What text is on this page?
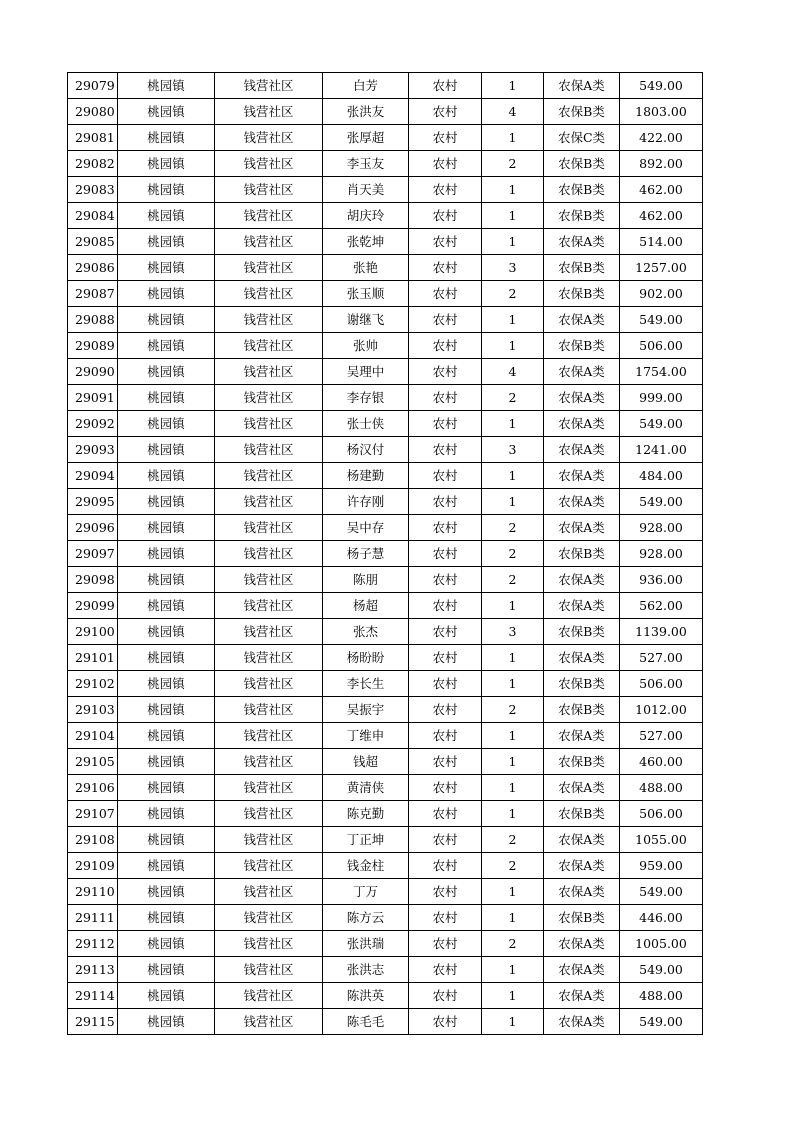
29079	桃园镇	钱营社区	白芳	农村	1	农保A类	549.00
29080	桃园镇	钱营社区	张洪友	农村	4	农保B类	1803.00
29081	桃园镇	钱营社区	张厚超	农村	1	农保C类	422.00
29082	桃园镇	钱营社区	李玉友	农村	2	农保B类	892.00
29083	桃园镇	钱营社区	肖天美	农村	1	农保B类	462.00
29084	桃园镇	钱营社区	胡庆玲	农村	1	农保B类	462.00
29085	桃园镇	钱营社区	张乾坤	农村	1	农保A类	514.00
29086	桃园镇	钱营社区	张艳	农村	3	农保B类	1257.00
29087	桃园镇	钱营社区	张玉顺	农村	2	农保B类	902.00
29088	桃园镇	钱营社区	谢继飞	农村	1	农保A类	549.00
29089	桃园镇	钱营社区	张帅	农村	1	农保B类	506.00
29090	桃园镇	钱营社区	吴理中	农村	4	农保A类	1754.00
29091	桃园镇	钱营社区	李存银	农村	2	农保A类	999.00
29092	桃园镇	钱营社区	张士侠	农村	1	农保A类	549.00
29093	桃园镇	钱营社区	杨汉付	农村	3	农保A类	1241.00
29094	桃园镇	钱营社区	杨建勤	农村	1	农保A类	484.00
29095	桃园镇	钱营社区	许存刚	农村	1	农保A类	549.00
29096	桃园镇	钱营社区	吴中存	农村	2	农保A类	928.00
29097	桃园镇	钱营社区	杨子慧	农村	2	农保B类	928.00
29098	桃园镇	钱营社区	陈朋	农村	2	农保A类	936.00
29099	桃园镇	钱营社区	杨超	农村	1	农保A类	562.00
29100	桃园镇	钱营社区	张杰	农村	3	农保B类	1139.00
29101	桃园镇	钱营社区	杨盼盼	农村	1	农保A类	527.00
29102	桃园镇	钱营社区	李长生	农村	1	农保B类	506.00
29103	桃园镇	钱营社区	吴振宇	农村	2	农保B类	1012.00
29104	桃园镇	钱营社区	丁维申	农村	1	农保A类	527.00
29105	桃园镇	钱营社区	钱超	农村	1	农保B类	460.00
29106	桃园镇	钱营社区	黄清侠	农村	1	农保A类	488.00
29107	桃园镇	钱营社区	陈克勤	农村	1	农保B类	506.00
29108	桃园镇	钱营社区	丁正坤	农村	2	农保A类	1055.00
29109	桃园镇	钱营社区	钱金柱	农村	2	农保A类	959.00
29110	桃园镇	钱营社区	丁万	农村	1	农保A类	549.00
29111	桃园镇	钱营社区	陈方云	农村	1	农保B类	446.00
29112	桃园镇	钱营社区	张洪瑞	农村	2	农保A类	1005.00
29113	桃园镇	钱营社区	张洪志	农村	1	农保A类	549.00
29114	桃园镇	钱营社区	陈洪英	农村	1	农保A类	488.00
29115	桃园镇	钱营社区	陈毛毛	农村	1	农保A类	549.00
